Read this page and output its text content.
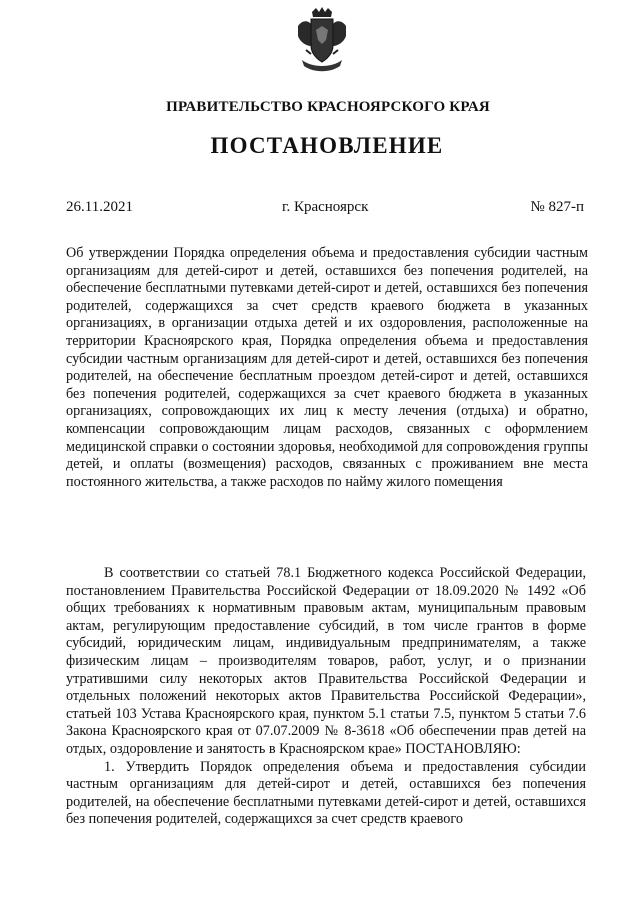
ПРАВИТЕЛЬСТВО КРАСНОЯРСКОГО КРАЯ
ПОСТАНОВЛЕНИЕ
26.11.2021	г. Красноярск	№ 827-п
Об утверждении Порядка определения объема и предоставления субсидии частным организациям для детей-сирот и детей, оставшихся без попечения родителей, на обеспечение бесплатными путевками детей-сирот и детей, оставшихся без попечения родителей, содержащихся за счет средств краевого бюджета в указанных организациях, в организации отдыха детей и их оздоровления, расположенные на территории Красноярского края, Порядка определения объема и предоставления субсидии частным организациям для детей-сирот и детей, оставшихся без попечения родителей, на обеспечение бесплатным проездом детей-сирот и детей, оставшихся без попечения родителей, содержащихся за счет краевого бюджета в указанных организациях, сопровождающих их лиц к месту лечения (отдыха) и обратно, компенсации сопровождающим лицам расходов, связанных с оформлением медицинской справки о состоянии здоровья, необходимой для сопровождения группы детей, и оплаты (возмещения) расходов, связанных с проживанием вне места постоянного жительства, а также расходов по найму жилого помещения

В соответствии со статьей 78.1 Бюджетного кодекса Российской Федерации, постановлением Правительства Российской Федерации от 18.09.2020 № 1492 «Об общих требованиях к нормативным правовым актам, муниципальным правовым актам, регулирующим предоставление субсидий, в том числе грантов в форме субсидий, юридическим лицам, индивидуальным предпринимателям, а также физическим лицам – производителям товаров, работ, услуг, и о признании утратившими силу некоторых актов Правительства Российской Федерации и отдельных положений некоторых актов Правительства Российской Федерации», статьей 103 Устава Красноярского края, пунктом 5.1 статьи 7.5, пунктом 5 статьи 7.6 Закона Красноярского края от 07.07.2009 № 8-3618 «Об обеспечении прав детей на отдых, оздоровление и занятость в Красноярском крае» ПОСТАНОВЛЯЮ:

1. Утвердить Порядок определения объема и предоставления субсидии частным организациям для детей-сирот и детей, оставшихся без попечения родителей, на обеспечение бесплатными путевками детей-сирот и детей, оставшихся без попечения родителей, содержащихся за счет средств краевого
